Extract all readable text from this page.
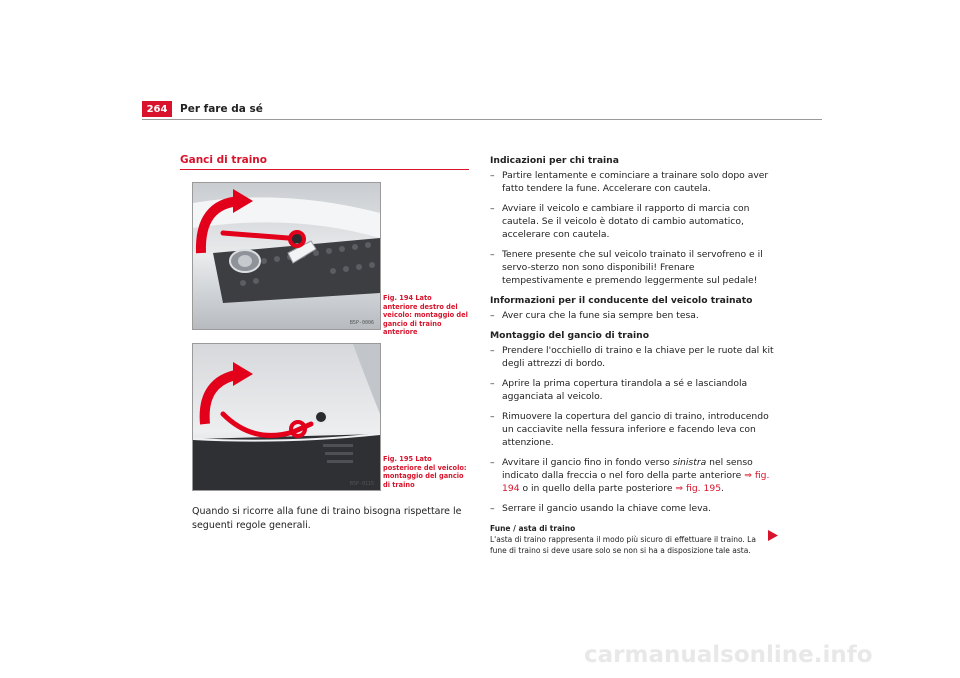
264	Per fare da sé
Ganci di traino
B5P-0006
Fig. 194 Lato anteriore destro del veicolo: montaggio del gancio di traino anteriore
B5P-0115
Fig. 195 Lato posteriore del veicolo: montaggio del gancio di traino
Quando si ricorre alla fune di traino bisogna rispettare le seguenti regole generali.
Indicazioni per chi traina
– Partire lentamente e cominciare a trainare solo dopo aver fatto tendere la fune. Accelerare con cautela.
– Avviare il veicolo e cambiare il rapporto di marcia con cautela. Se il veicolo è dotato di cambio automatico, accelerare con cautela.
– Tenere presente che sul veicolo trainato il servofreno e il servo-sterzo non sono disponibili! Frenare tempestivamente e premendo leggermente sul pedale!
Informazioni per il conducente del veicolo trainato
– Aver cura che la fune sia sempre ben tesa.
Montaggio del gancio di traino
– Prendere l'occhiello di traino e la chiave per le ruote dal kit degli attrezzi di bordo.
– Aprire la prima copertura tirandola a sé e lasciandola agganciata al veicolo.
– Rimuovere la copertura del gancio di traino, introducendo un cacciavite nella fessura inferiore e facendo leva con attenzione.
– Avvitare il gancio fino in fondo verso sinistra nel senso indicato dalla freccia o nel foro della parte anteriore ⇒ fig. 194 o in quello della parte posteriore ⇒ fig. 195.
– Serrare il gancio usando la chiave come leva.
Fune / asta di traino
L'asta di traino rappresenta il modo più sicuro di effettuare il traino. La fune di traino si deve usare solo se non si ha a disposizione tale asta.
carmanualsonline.info
